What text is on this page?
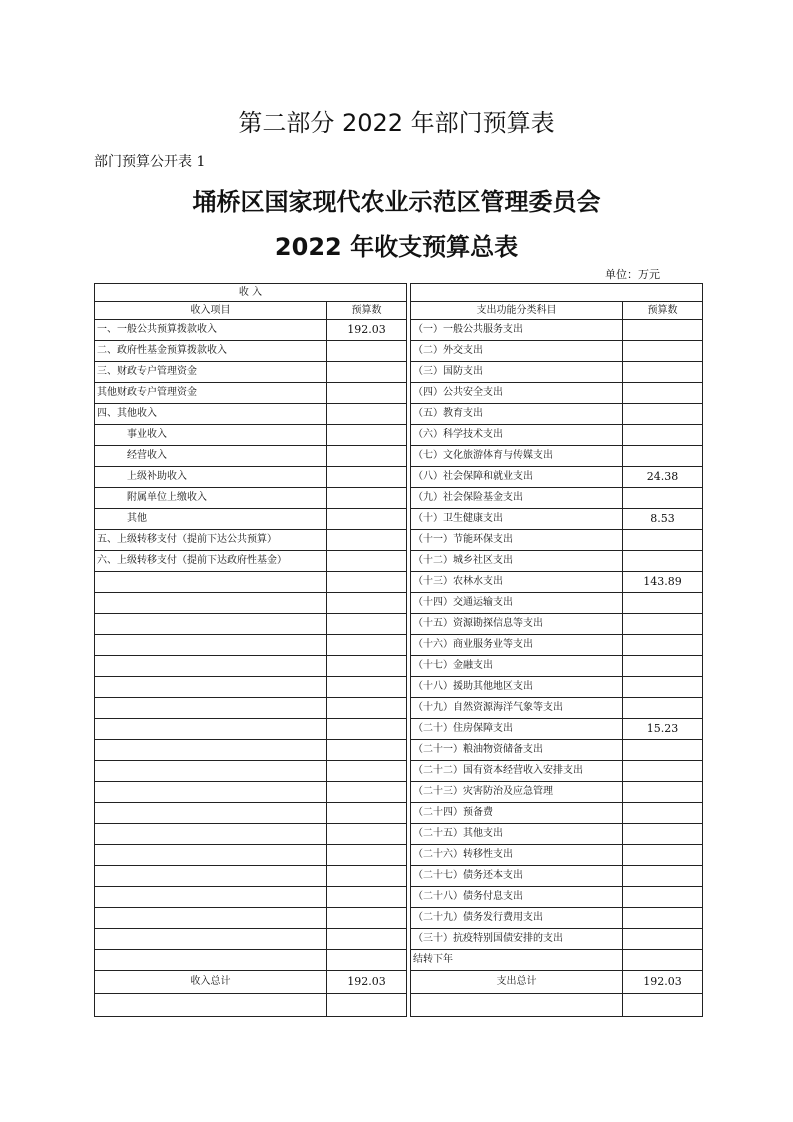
第二部分 2022 年部门预算表
部门预算公开表 1
埇桥区国家现代农业示范区管理委员会
2022 年收支预算总表
单位：万元
收 入				
收入项目	预算数		支出功能分类科目	预算数
一、一般公共预算拨款收入	192.03		（一）一般公共服务支出	
二、政府性基金预算拨款收入			（二）外交支出	
三、财政专户管理资金			（三）国防支出	
其他财政专户管理资金			（四）公共安全支出	
四、其他收入			（五）教育支出	
事业收入			（六）科学技术支出	
经营收入			（七）文化旅游体育与传媒支出	
上级补助收入			（八）社会保障和就业支出	24.38
附属单位上缴收入			（九）社会保险基金支出	
其他			（十）卫生健康支出	8.53
五、上级转移支付（提前下达公共预算）			（十一）节能环保支出	
六、上级转移支付（提前下达政府性基金）			（十二）城乡社区支出	
			（十三）农林水支出	143.89
			（十四）交通运输支出	
			（十五）资源勘探信息等支出	
			（十六）商业服务业等支出	
			（十七）金融支出	
			（十八）援助其他地区支出	
			（十九）自然资源海洋气象等支出	
			（二十）住房保障支出	15.23
			（二十一）粮油物资储备支出	
			（二十二）国有资本经营收入安排支出	
			（二十三）灾害防治及应急管理	
			（二十四）预备费	
			（二十五）其他支出	
			（二十六）转移性支出	
			（二十七）债务还本支出	
			（二十八）债务付息支出	
			（二十九）债务发行费用支出	
			（三十）抗疫特别国债安排的支出	
			结转下年	
收入总计	192.03		支出总计	192.03
